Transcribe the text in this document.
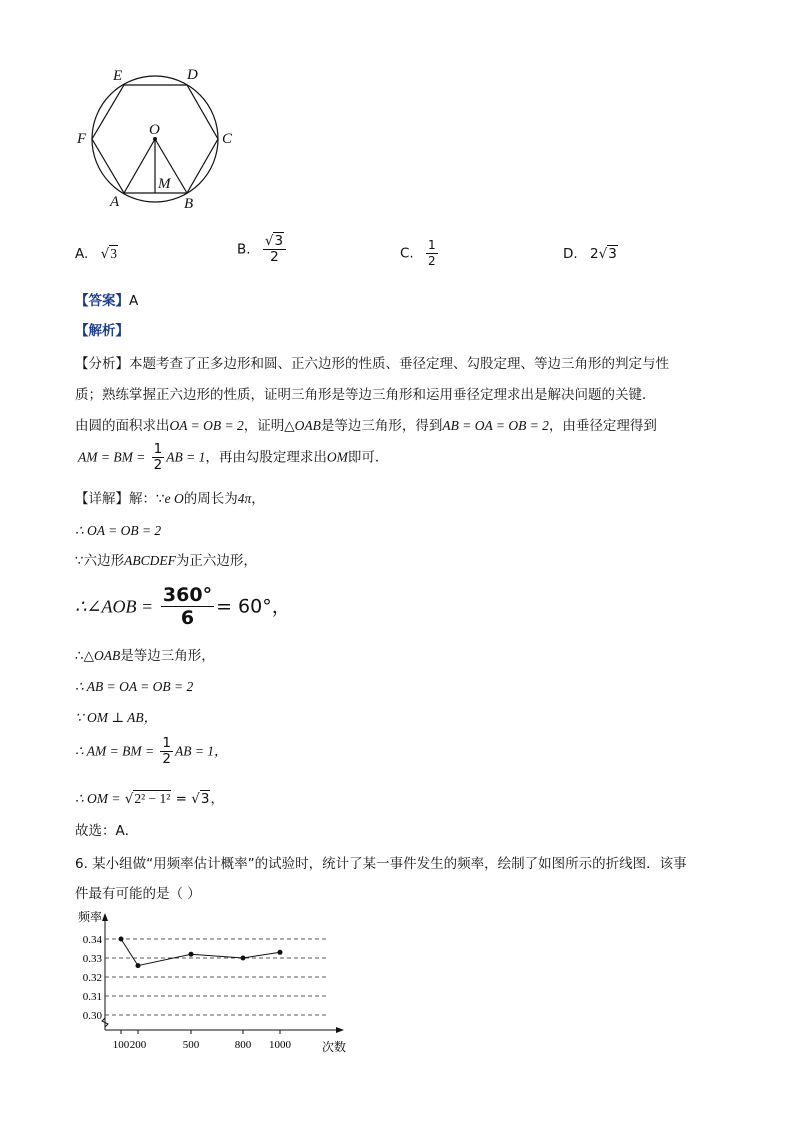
E	D
F	C
O
A	B
M
A. √3	B. $\frac{√3}{2}$	C. $\frac{1}{2}$	D. 2√3
【答案】A
【解析】
【分析】本题考查了正多边形和圆、正六边形的性质、垂径定理、勾股定理、等边三角形的判定与性
质；熟练掌握正六边形的性质，证明三角形是等边三角形和运用垂径定理求出是解决问题的关键．
由圆的面积求出OA = OB = 2，证明△OAB是等边三角形，得到AB = OA = OB = 2，由垂径定理得到
AM = BM = $\frac{1}{2}$ AB = 1，再由勾股定理求出OM即可．
【详解】解：∵e O的周长为4π，
∴ OA = OB = 2
∵六边形ABCDEF为正六边形，
∴∠AOB = $\frac{360^\circ}{6} = 60^\circ$，
∴△OAB是等边三角形，
∴ AB = OA = OB = 2
∵ OM ⊥ AB，
∴ AM = BM = $\frac{1}{2}$ AB = 1，
∴ OM = √2² − 1² = √3，
故选：A．
6. 某小组做“用频率估计概率”的试验时，统计了某一事件发生的频率，绘制了如图所示的折线图．该事
件最有可能的是（ ）
0.34
0.33
0.32
0.31
0.30
100 200	500	800 1000
频率
次数
